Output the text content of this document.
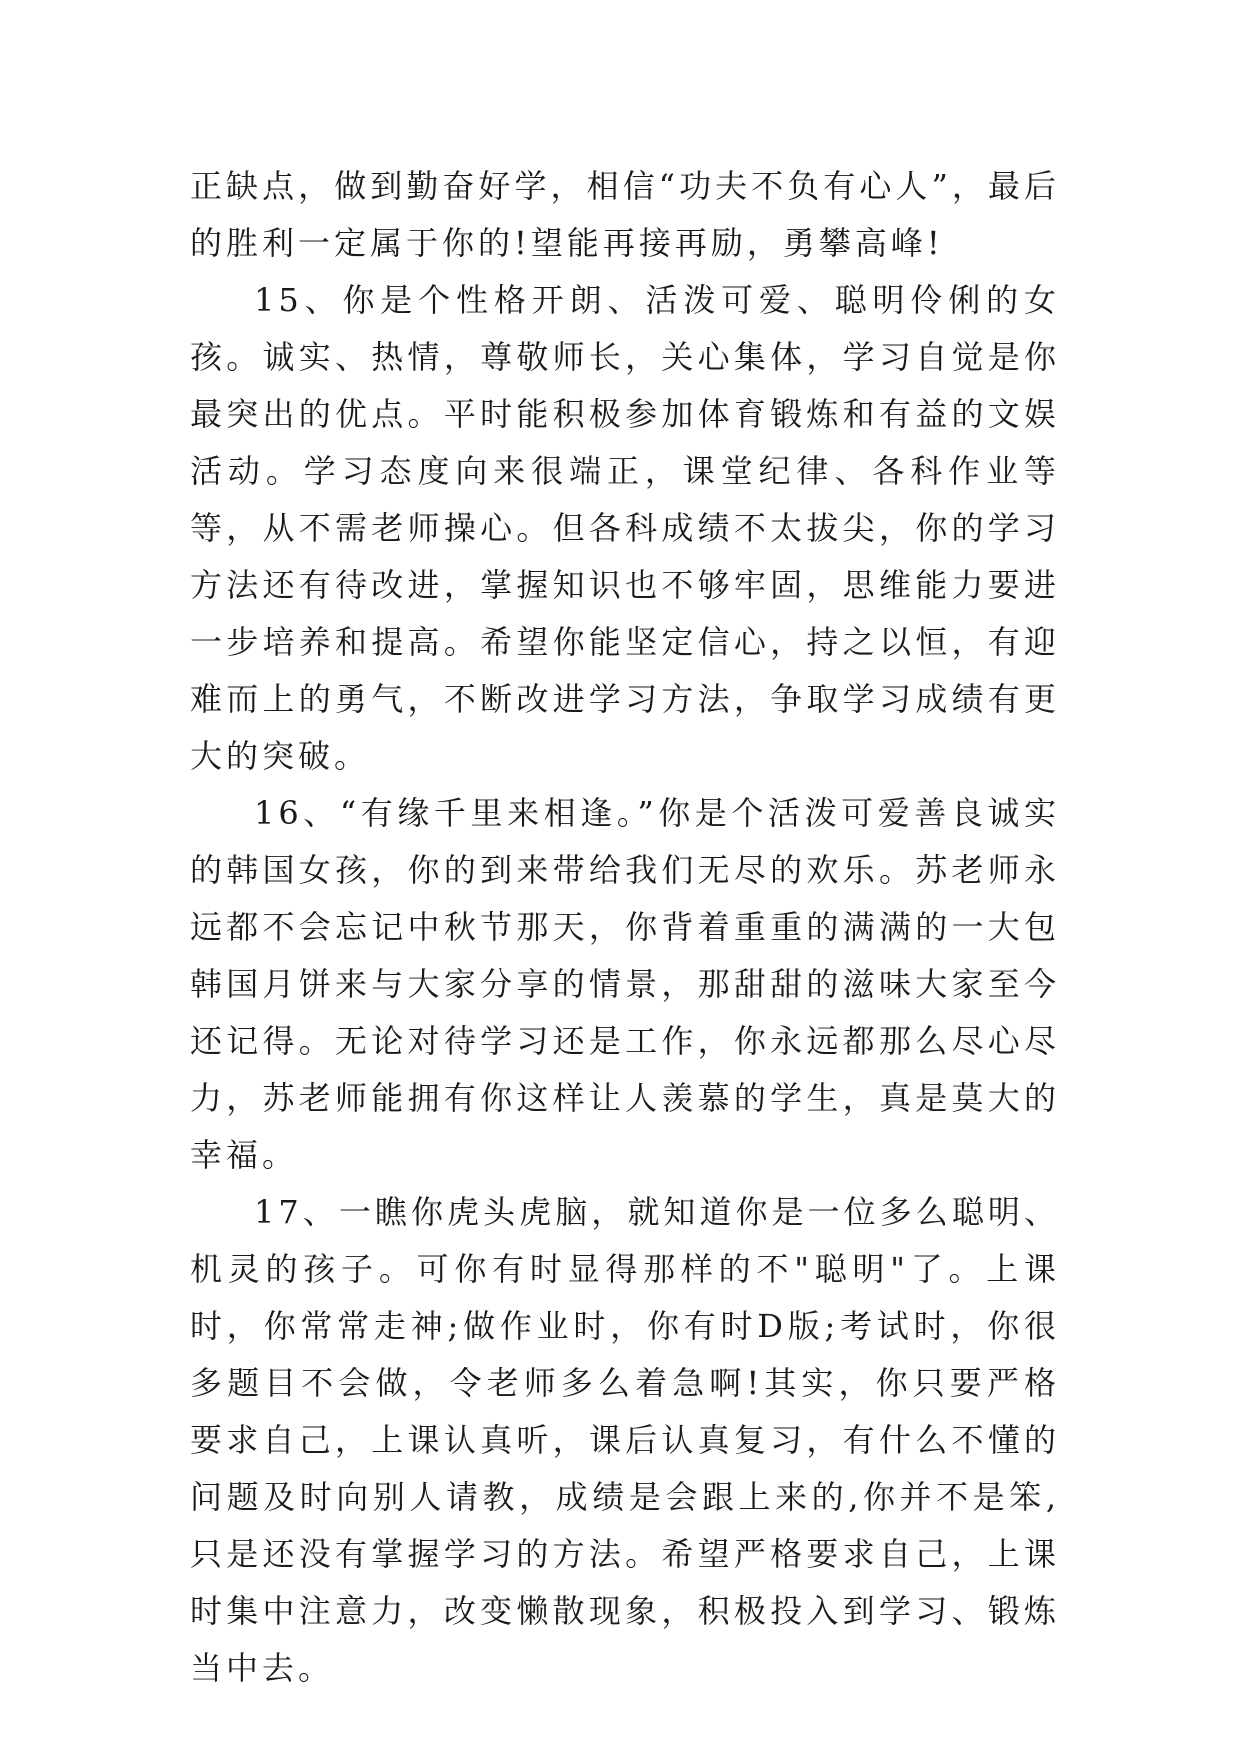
正缺点，做到勤奋好学，相信“功夫不负有心人”，最后的胜利一定属于你的!望能再接再励，勇攀高峰!

15、你是个性格开朗、活泼可爱、聪明伶俐的女孩。诚实、热情，尊敬师长，关心集体，学习自觉是你最突出的优点。平时能积极参加体育锻炼和有益的文娱活动。学习态度向来很端正，课堂纪律、各科作业等等，从不需老师操心。但各科成绩不太拔尖，你的学习方法还有待改进，掌握知识也不够牢固，思维能力要进一步培养和提高。希望你能坚定信心，持之以恒，有迎难而上的勇气，不断改进学习方法，争取学习成绩有更大的突破。

16、“有缘千里来相逢。”你是个活泼可爱善良诚实的韩国女孩，你的到来带给我们无尽的欢乐。苏老师永远都不会忘记中秋节那天，你背着重重的满满的一大包韩国月饼来与大家分享的情景，那甜甜的滋味大家至今还记得。无论对待学习还是工作，你永远都那么尽心尽力，苏老师能拥有你这样让人羡慕的学生，真是莫大的幸福。

17、一瞧你虎头虎脑，就知道你是一位多么聪明、机灵的孩子。可你有时显得那样的不"聪明"了。上课时，你常常走神;做作业时，你有时D版;考试时，你很多题目不会做，令老师多么着急啊!其实，你只要严格要求自己，上课认真听，课后认真复习，有什么不懂的问题及时向别人请教，成绩是会跟上来的,你并不是笨,只是还没有掌握学习的方法。希望严格要求自己，上课时集中注意力，改变懒散现象，积极投入到学习、锻炼当中去。
